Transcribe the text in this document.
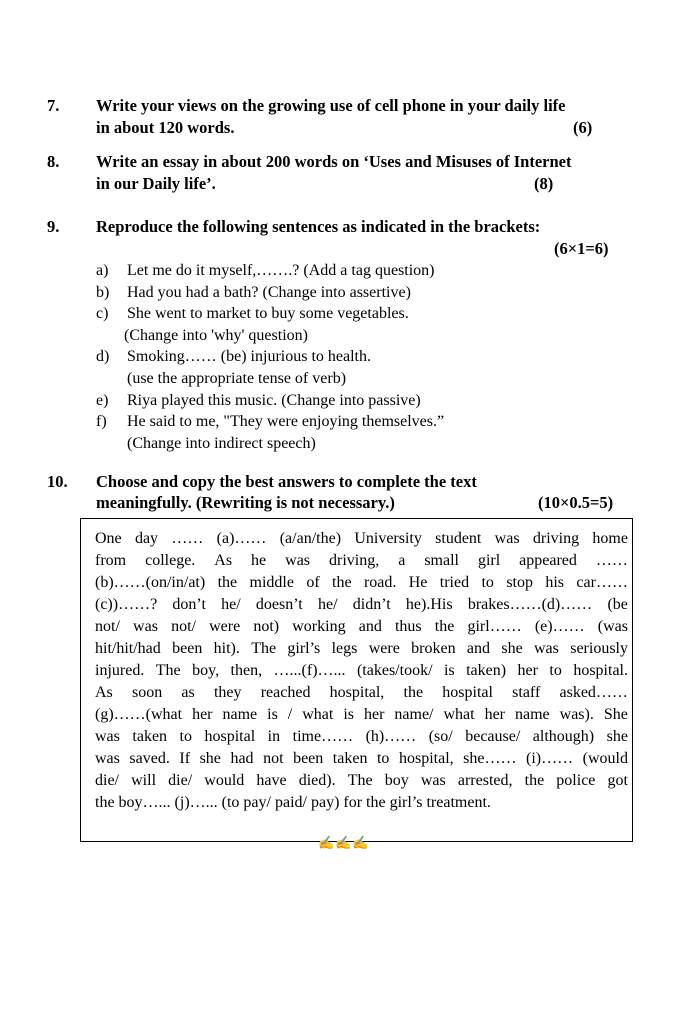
7. Write your views on the growing use of cell phone in your daily life
in about 120 words.	(6)
8. Write an essay in about 200 words on ‘Uses and Misuses of Internet
in our Daily life’.	(8)
9. Reproduce the following sentences as indicated in the brackets:
(6×1=6)
a) Let me do it myself,…….? (Add a tag question)
b) Had you had a bath? (Change into assertive)
c) She went to market to buy some vegetables.
(Change into 'why' question)
d) Smoking…… (be) injurious to health.
(use the appropriate tense of verb)
e) Riya played this music. (Change into passive)
f) He said to me, "They were enjoying themselves.”
(Change into indirect speech)
10. Choose and copy the best answers to complete the text
meaningfully. (Rewriting is not necessary.)	(10×0.5=5)
One day …… (a)…… (a/an/the) University student was driving home
from college. As he was driving, a small girl appeared ……
(b)……(on/in/at) the middle of the road. He tried to stop his car……
(c))……? don’t he/ doesn’t he/ didn’t he).His brakes……(d)…… (be
not/ was not/ were not) working and thus the girl…… (e)…… (was
hit/hit/had been hit). The girl’s legs were broken and she was seriously
injured. The boy, then, …...(f)…... (takes/took/ is taken) her to hospital.
As soon as they reached hospital, the hospital staff asked……
(g)……(what her name is / what is her name/ what her name was). She
was taken to hospital in time…… (h)…… (so/ because/ although) she
was saved. If she had not been taken to hospital, she…… (i)…… (would
die/ will die/ would have died). The boy was arrested, the police got
the boy…... (j)…... (to pay/ paid/ pay) for the girl’s treatment.
✍✍✍
